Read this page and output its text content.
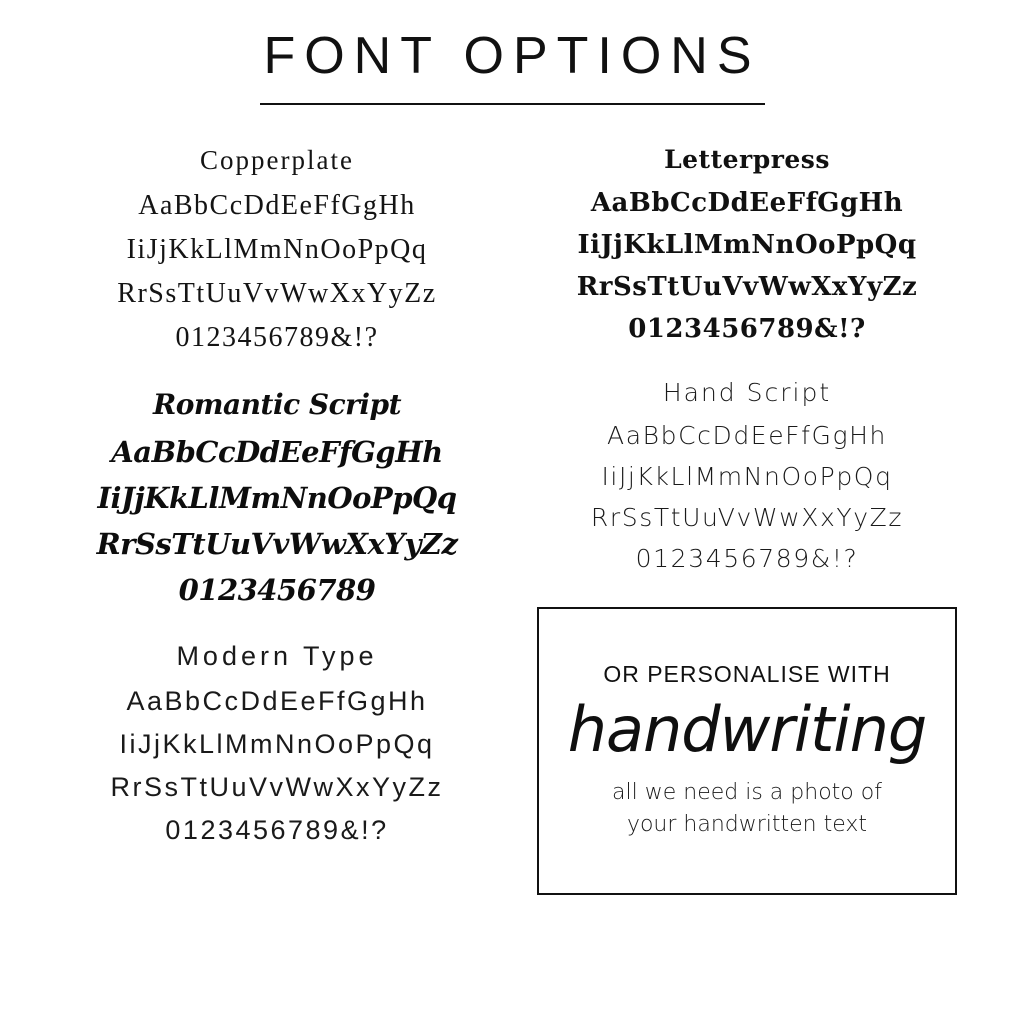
FONT OPTIONS
Copperplate
AaBbCcDdEeFfGgHh
IiJjKkLlMmNnOoPpQq
RrSsTtUuVvWwXxYyZz
0123456789&!?
Romantic Script
AaBbCcDdEeFfGgHh
IiJjKkLlMmNnOoPpQq
RrSsTtUuVvWwXxYyZz
0123456789
Modern Type
AaBbCcDdEeFfGgHh
IiJjKkLlMmNnOoPpQq
RrSsTtUuVvWwXxYyZz
0123456789&!?
Letterpress
AaBbCcDdEeFfGgHh
IiJjKkLlMmNnOoPpQq
RrSsTtUuVvWwXxYyZz
0123456789&!?
Hand Script
AaBbCcDdEeFfGgHh
IiJjKkLlMmNnOoPpQq
RrSsTtUuVvWwXxYyZz
0123456789&!?
OR PERSONALISE WITH
handwriting
all we need is a photo of
your handwritten text
